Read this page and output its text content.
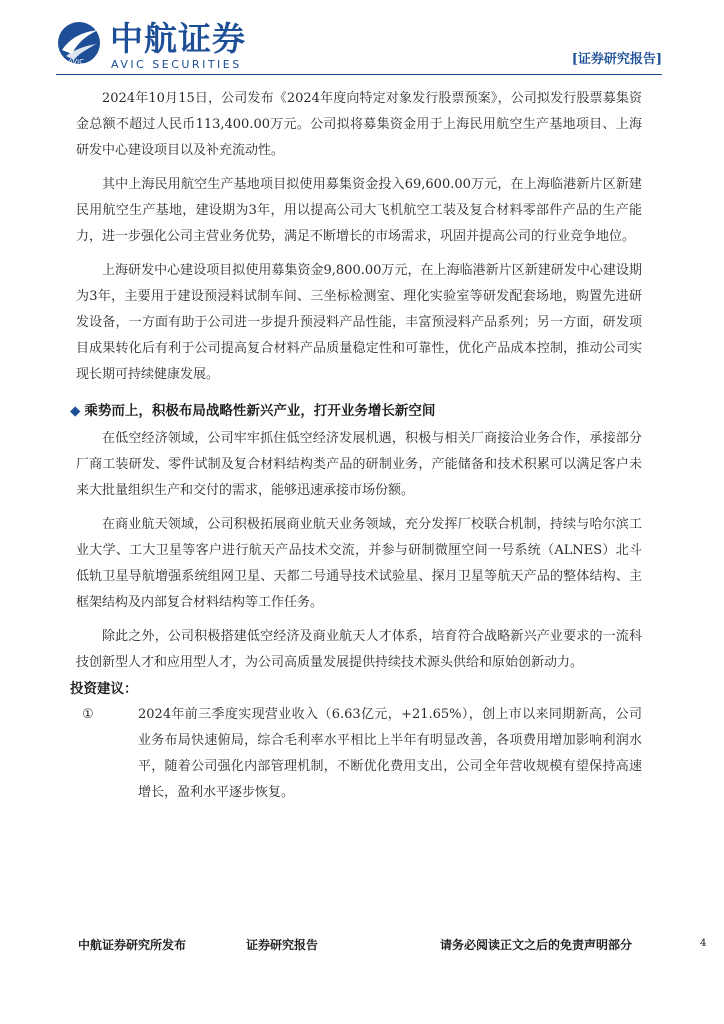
AVIC
中航证券
AVIC SECURITIES	[证券研究报告]

2024年10月15日，公司发布《2024年度向特定对象发行股票预案》，公司拟发行股票募集资金总额不超过人民币113,400.00万元。公司拟将募集资金用于上海民用航空生产基地项目、上海研发中心建设项目以及补充流动性。

其中上海民用航空生产基地项目拟使用募集资金投入69,600.00万元，在上海临港新片区新建民用航空生产基地，建设期为3年，用以提高公司大飞机航空工装及复合材料零部件产品的生产能力，进一步强化公司主营业务优势，满足不断增长的市场需求，巩固并提高公司的行业竞争地位。

上海研发中心建设项目拟使用募集资金9,800.00万元，在上海临港新片区新建研发中心建设期为3年，主要用于建设预浸料试制车间、三坐标检测室、理化实验室等研发配套场地，购置先进研发设备，一方面有助于公司进一步提升预浸料产品性能，丰富预浸料产品系列；另一方面，研发项目成果转化后有利于公司提高复合材料产品质量稳定性和可靠性，优化产品成本控制，推动公司实现长期可持续健康发展。

◆ 乘势而上，积极布局战略性新兴产业，打开业务增长新空间

在低空经济领域，公司牢牢抓住低空经济发展机遇，积极与相关厂商接洽业务合作，承接部分厂商工装研发、零件试制及复合材料结构类产品的研制业务，产能储备和技术积累可以满足客户未来大批量组织生产和交付的需求，能够迅速承接市场份额。

在商业航天领域，公司积极拓展商业航天业务领域，充分发挥厂校联合机制，持续与哈尔滨工业大学、工大卫星等客户进行航天产品技术交流，并参与研制微厘空间一号系统（ALNES）北斗低轨卫星导航增强系统组网卫星、天都二号通导技术试验星、探月卫星等航天产品的整体结构、主框架结构及内部复合材料结构等工作任务。

除此之外，公司积极搭建低空经济及商业航天人才体系，培育符合战略新兴产业要求的一流科技创新型人才和应用型人才，为公司高质量发展提供持续技术源头供给和原始创新动力。

投资建议：
①	2024年前三季度实现营业收入（6.63亿元，+21.65%），创上市以来同期新高，公司业务布局快速俯局，综合毛利率水平相比上半年有明显改善，各项费用增加影响利润水平，随着公司强化内部管理机制，不断优化费用支出，公司全年营收规模有望保持高速增长，盈利水平逐步恢复。

中航证券研究所发布	证券研究报告	请务必阅读正文之后的免责声明部分	4
